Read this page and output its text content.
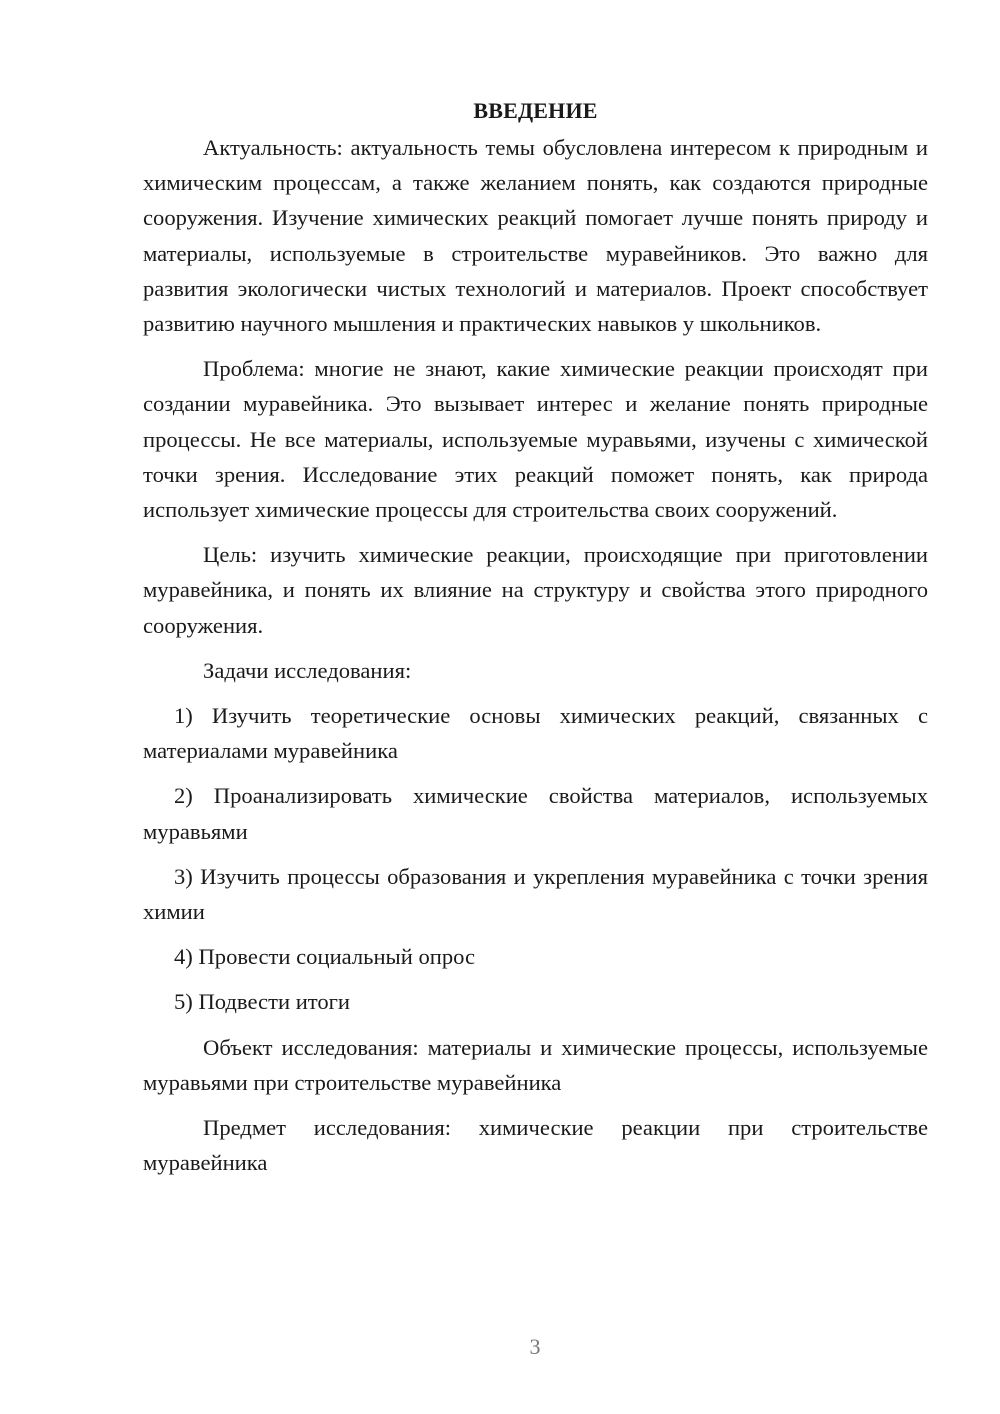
ВВЕДЕНИЕ

Актуальность: актуальность темы обусловлена интересом к природным и химическим процессам, а также желанием понять, как создаются природные сооружения. Изучение химических реакций помогает лучше понять природу и материалы, используемые в строительстве муравейников. Это важно для развития экологически чистых технологий и материалов. Проект способствует развитию научного мышления и практических навыков у школьников.

Проблема: многие не знают, какие химические реакции происходят при создании муравейника. Это вызывает интерес и желание понять природные процессы. Не все материалы, используемые муравьями, изучены с химической точки зрения. Исследование этих реакций поможет понять, как природа использует химические процессы для строительства своих сооружений.

Цель: изучить химические реакции, происходящие при приготовлении муравейника, и понять их влияние на структуру и свойства этого природного сооружения.

Задачи исследования:

1) Изучить теоретические основы химических реакций, связанных с материалами муравейника

2) Проанализировать химические свойства материалов, используемых муравьями

3) Изучить процессы образования и укрепления муравейника с точки зрения химии

4) Провести социальный опрос

5) Подвести итоги

Объект исследования: материалы и химические процессы, используемые муравьями при строительстве муравейника

Предмет исследования: химические реакции при строительстве муравейника

3
